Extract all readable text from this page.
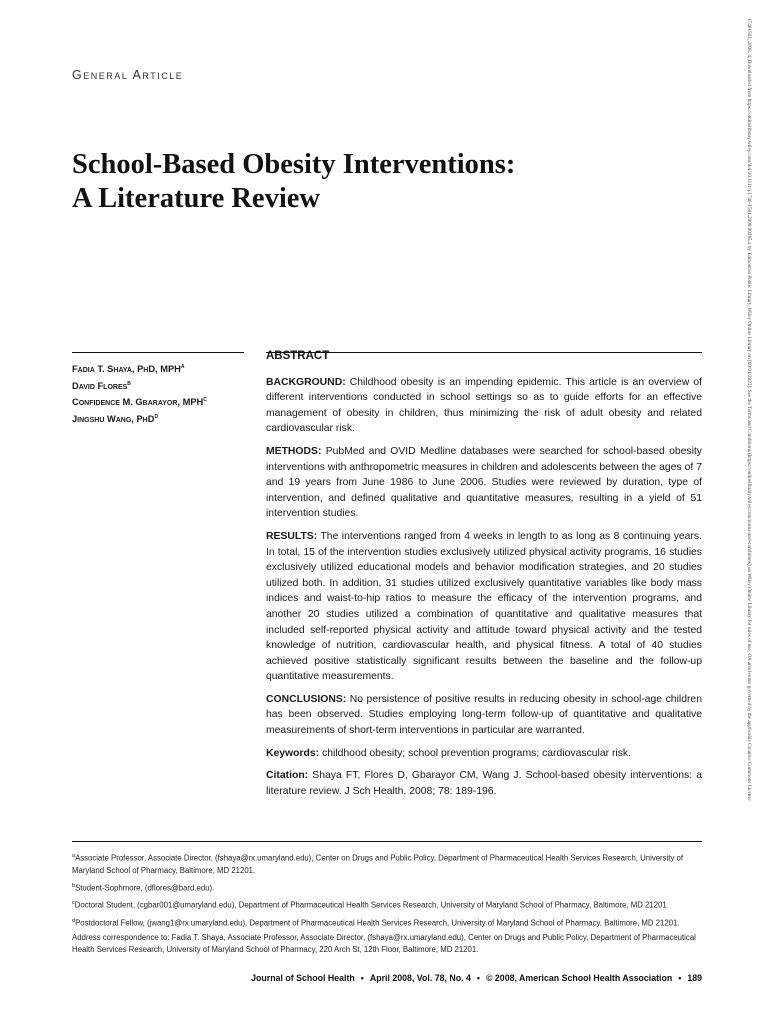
17461561, 2008, 4, Downloaded from https://onlinelibrary.wiley.com/doi/10.1111/j.1746-1561.2008.00285.x by Edmonton Public Library, Wiley Online Library on [09/01/2023]. See the Terms and Conditions (https://onlinelibrary.wiley.com/terms-and-conditions) on Wiley Online Library for rules of use; OA articles are governed by the applicable Creative Commons License
General Article
School-Based Obesity Interventions:
A Literature Review
Fadia T. Shaya, PhD, MPH$^a$
David Flores$^b$
Confidence M. Gbarayor, MPH$^c$
Jingshu Wang, PhD$^d$
ABSTRACT

BACKGROUND: Childhood obesity is an impending epidemic. This article is an overview of different interventions conducted in school settings so as to guide efforts for an effective management of obesity in children, thus minimizing the risk of adult obesity and related cardiovascular risk.

METHODS: PubMed and OVID Medline databases were searched for school-based obesity interventions with anthropometric measures in children and adolescents between the ages of 7 and 19 years from June 1986 to June 2006. Studies were reviewed by duration, type of intervention, and defined qualitative and quantitative measures, resulting in a yield of 51 intervention studies.

RESULTS: The interventions ranged from 4 weeks in length to as long as 8 continuing years. In total, 15 of the intervention studies exclusively utilized physical activity programs, 16 studies exclusively utilized educational models and behavior modification strategies, and 20 studies utilized both. In addition, 31 studies utilized exclusively quantitative variables like body mass indices and waist-to-hip ratios to measure the efficacy of the intervention programs, and another 20 studies utilized a combination of quantitative and qualitative measures that included self-reported physical activity and attitude toward physical activity and the tested knowledge of nutrition, cardiovascular health, and physical fitness. A total of 40 studies achieved positive statistically significant results between the baseline and the follow-up quantitative measurements.

CONCLUSIONS: No persistence of positive results in reducing obesity in school-age children has been observed. Studies employing long-term follow-up of quantitative and qualitative measurements of short-term interventions in particular are warranted.

Keywords: childhood obesity; school prevention programs; cardiovascular risk.

Citation: Shaya FT, Flores D, Gbarayor CM, Wang J. School-based obesity interventions: a literature review. J Sch Health. 2008; 78: 189-196.

$^a$Associate Professor, Associate Director, (fshaya@rx.umaryland.edu), Center on Drugs and Public Policy, Department of Pharmaceutical Health Services Research, University of Maryland School of Pharmacy, Baltimore, MD 21201.

$^b$Student-Sophmore, (dflores@bard.edu).

$^c$Doctoral Student, (cgbar001@umaryland.edu), Department of Pharmaceutical Health Services Research, University of Maryland School of Pharmacy, Baltimore, MD 21201.

$^d$Postdoctoral Fellow, (jwang1@rx.umaryland.edu), Department of Pharmaceutical Health Services Research, University of Maryland School of Pharmacy, Baltimore, MD 21201.

Address correspondence to: Fadia T. Shaya, Associate Professor, Associate Director, (fshaya@rx.umaryland.edu), Center on Drugs and Public Policy, Department of Pharmaceutical Health Services Research, University of Maryland School of Pharmacy, 220 Arch St, 12th Floor, Baltimore, MD 21201.

Journal of School Health • April 2008, Vol. 78, No. 4 • © 2008, American School Health Association • 189
